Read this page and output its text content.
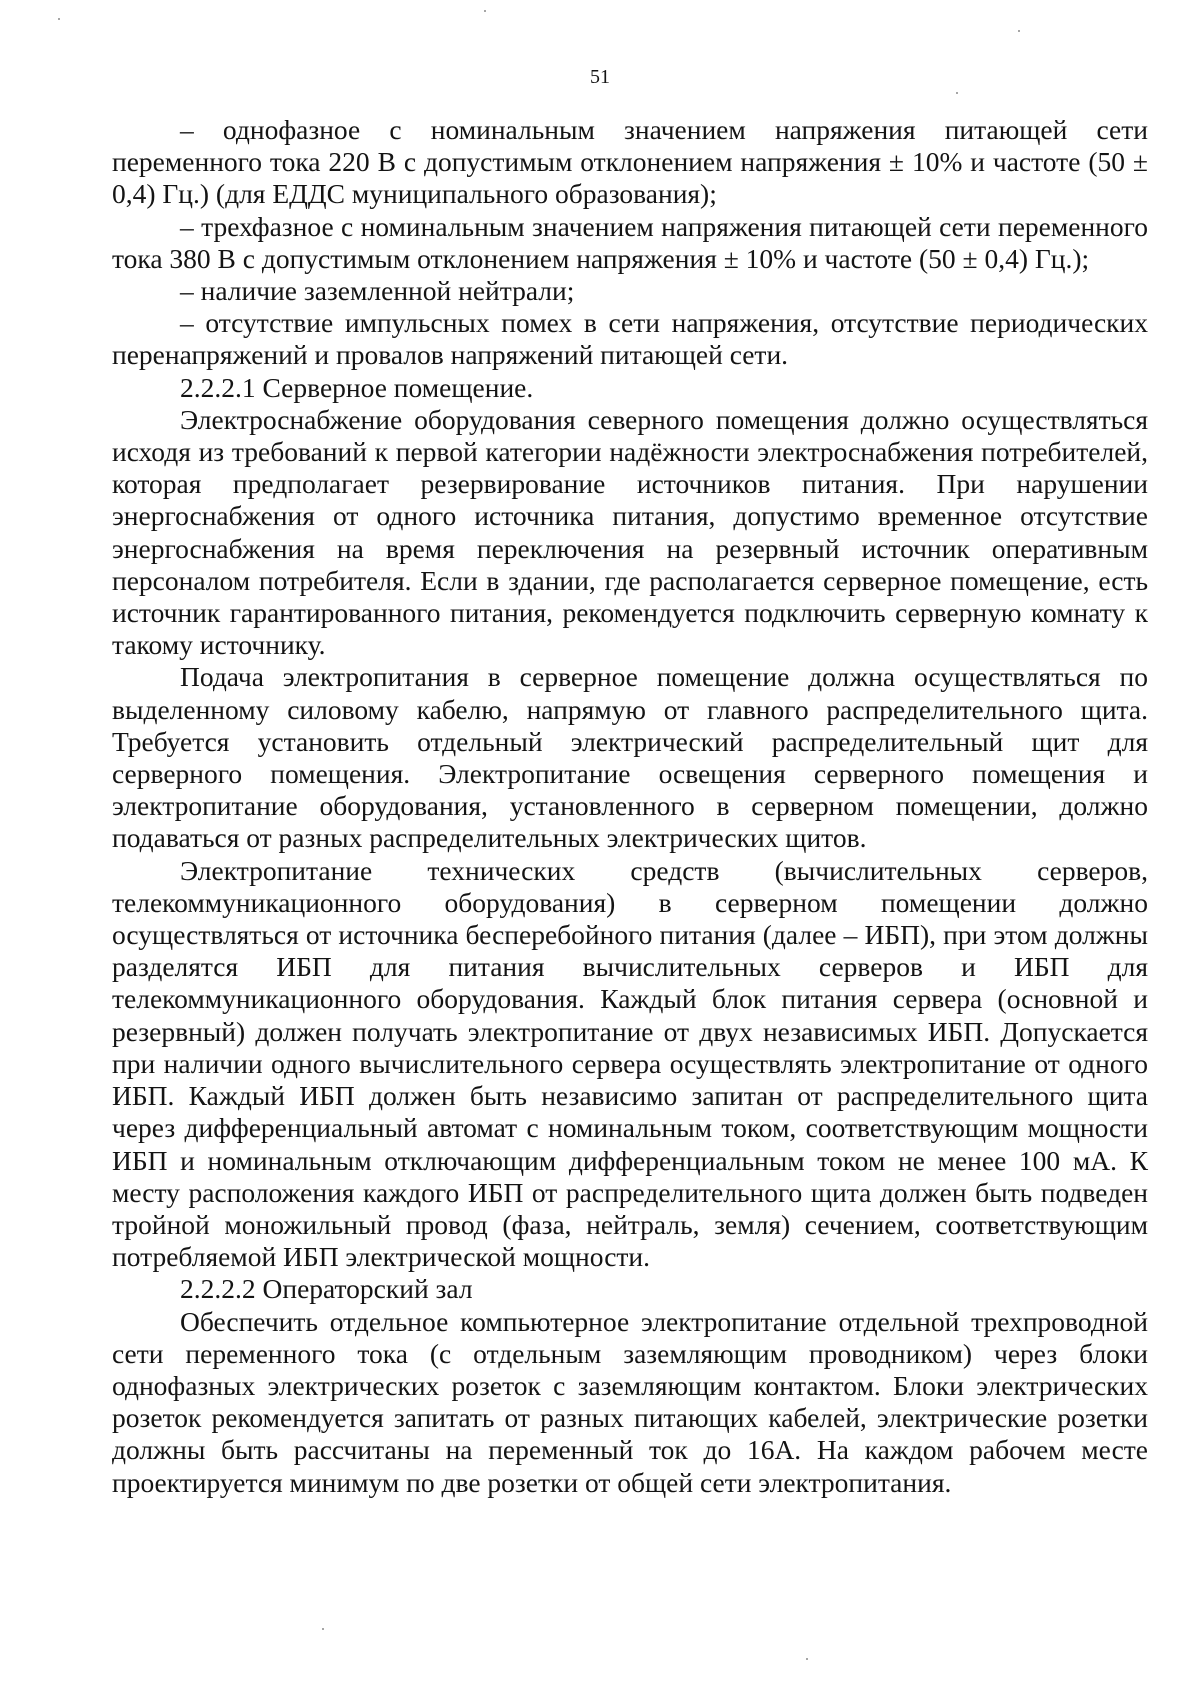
51

– однофазное с номинальным значением напряжения питающей сети переменного тока 220 В с допустимым отклонением напряжения ± 10% и частоте (50 ± 0,4) Гц.) (для ЕДДС муниципального образования);

– трехфазное с номинальным значением напряжения питающей сети переменного тока 380 В с допустимым отклонением напряжения ± 10% и частоте (50 ± 0,4) Гц.);

– наличие заземленной нейтрали;

– отсутствие импульсных помех в сети напряжения, отсутствие периодических перенапряжений и провалов напряжений питающей сети.

2.2.2.1 Серверное помещение.

Электроснабжение оборудования северного помещения должно осуществляться исходя из требований к первой категории надёжности электроснабжения потребителей, которая предполагает резервирование источников питания. При нарушении энергоснабжения от одного источника питания, допустимо временное отсутствие энергоснабжения на время переключения на резервный источник оперативным персоналом потребителя. Если в здании, где располагается серверное помещение, есть источник гарантированного питания, рекомендуется подключить серверную комнату к такому источнику.

Подача электропитания в серверное помещение должна осуществляться по выделенному силовому кабелю, напрямую от главного распределительного щита. Требуется установить отдельный электрический распределительный щит для серверного помещения. Электропитание освещения серверного помещения и электропитание оборудования, установленного в серверном помещении, должно подаваться от разных распределительных электрических щитов.

Электропитание технических средств (вычислительных серверов, телекоммуникационного оборудования) в серверном помещении должно осуществляться от источника бесперебойного питания (далее – ИБП), при этом должны разделятся ИБП для питания вычислительных серверов и ИБП для телекоммуникационного оборудования. Каждый блок питания сервера (основной и резервный) должен получать электропитание от двух независимых ИБП. Допускается при наличии одного вычислительного сервера осуществлять электропитание от одного ИБП. Каждый ИБП должен быть независимо запитан от распределительного щита через дифференциальный автомат с номинальным током, соответствующим мощности ИБП и номинальным отключающим дифференциальным током не менее 100 мА. К месту расположения каждого ИБП от распределительного щита должен быть подведен тройной моножильный провод (фаза, нейтраль, земля) сечением, соответствующим потребляемой ИБП электрической мощности.

2.2.2.2 Операторский зал

Обеспечить отдельное компьютерное электропитание отдельной трехпроводной сети переменного тока (с отдельным заземляющим проводником) через блоки однофазных электрических розеток с заземляющим контактом. Блоки электрических розеток рекомендуется запитать от разных питающих кабелей, электрические розетки должны быть рассчитаны на переменный ток до 16А. На каждом рабочем месте проектируется минимум по две розетки от общей сети электропитания.
